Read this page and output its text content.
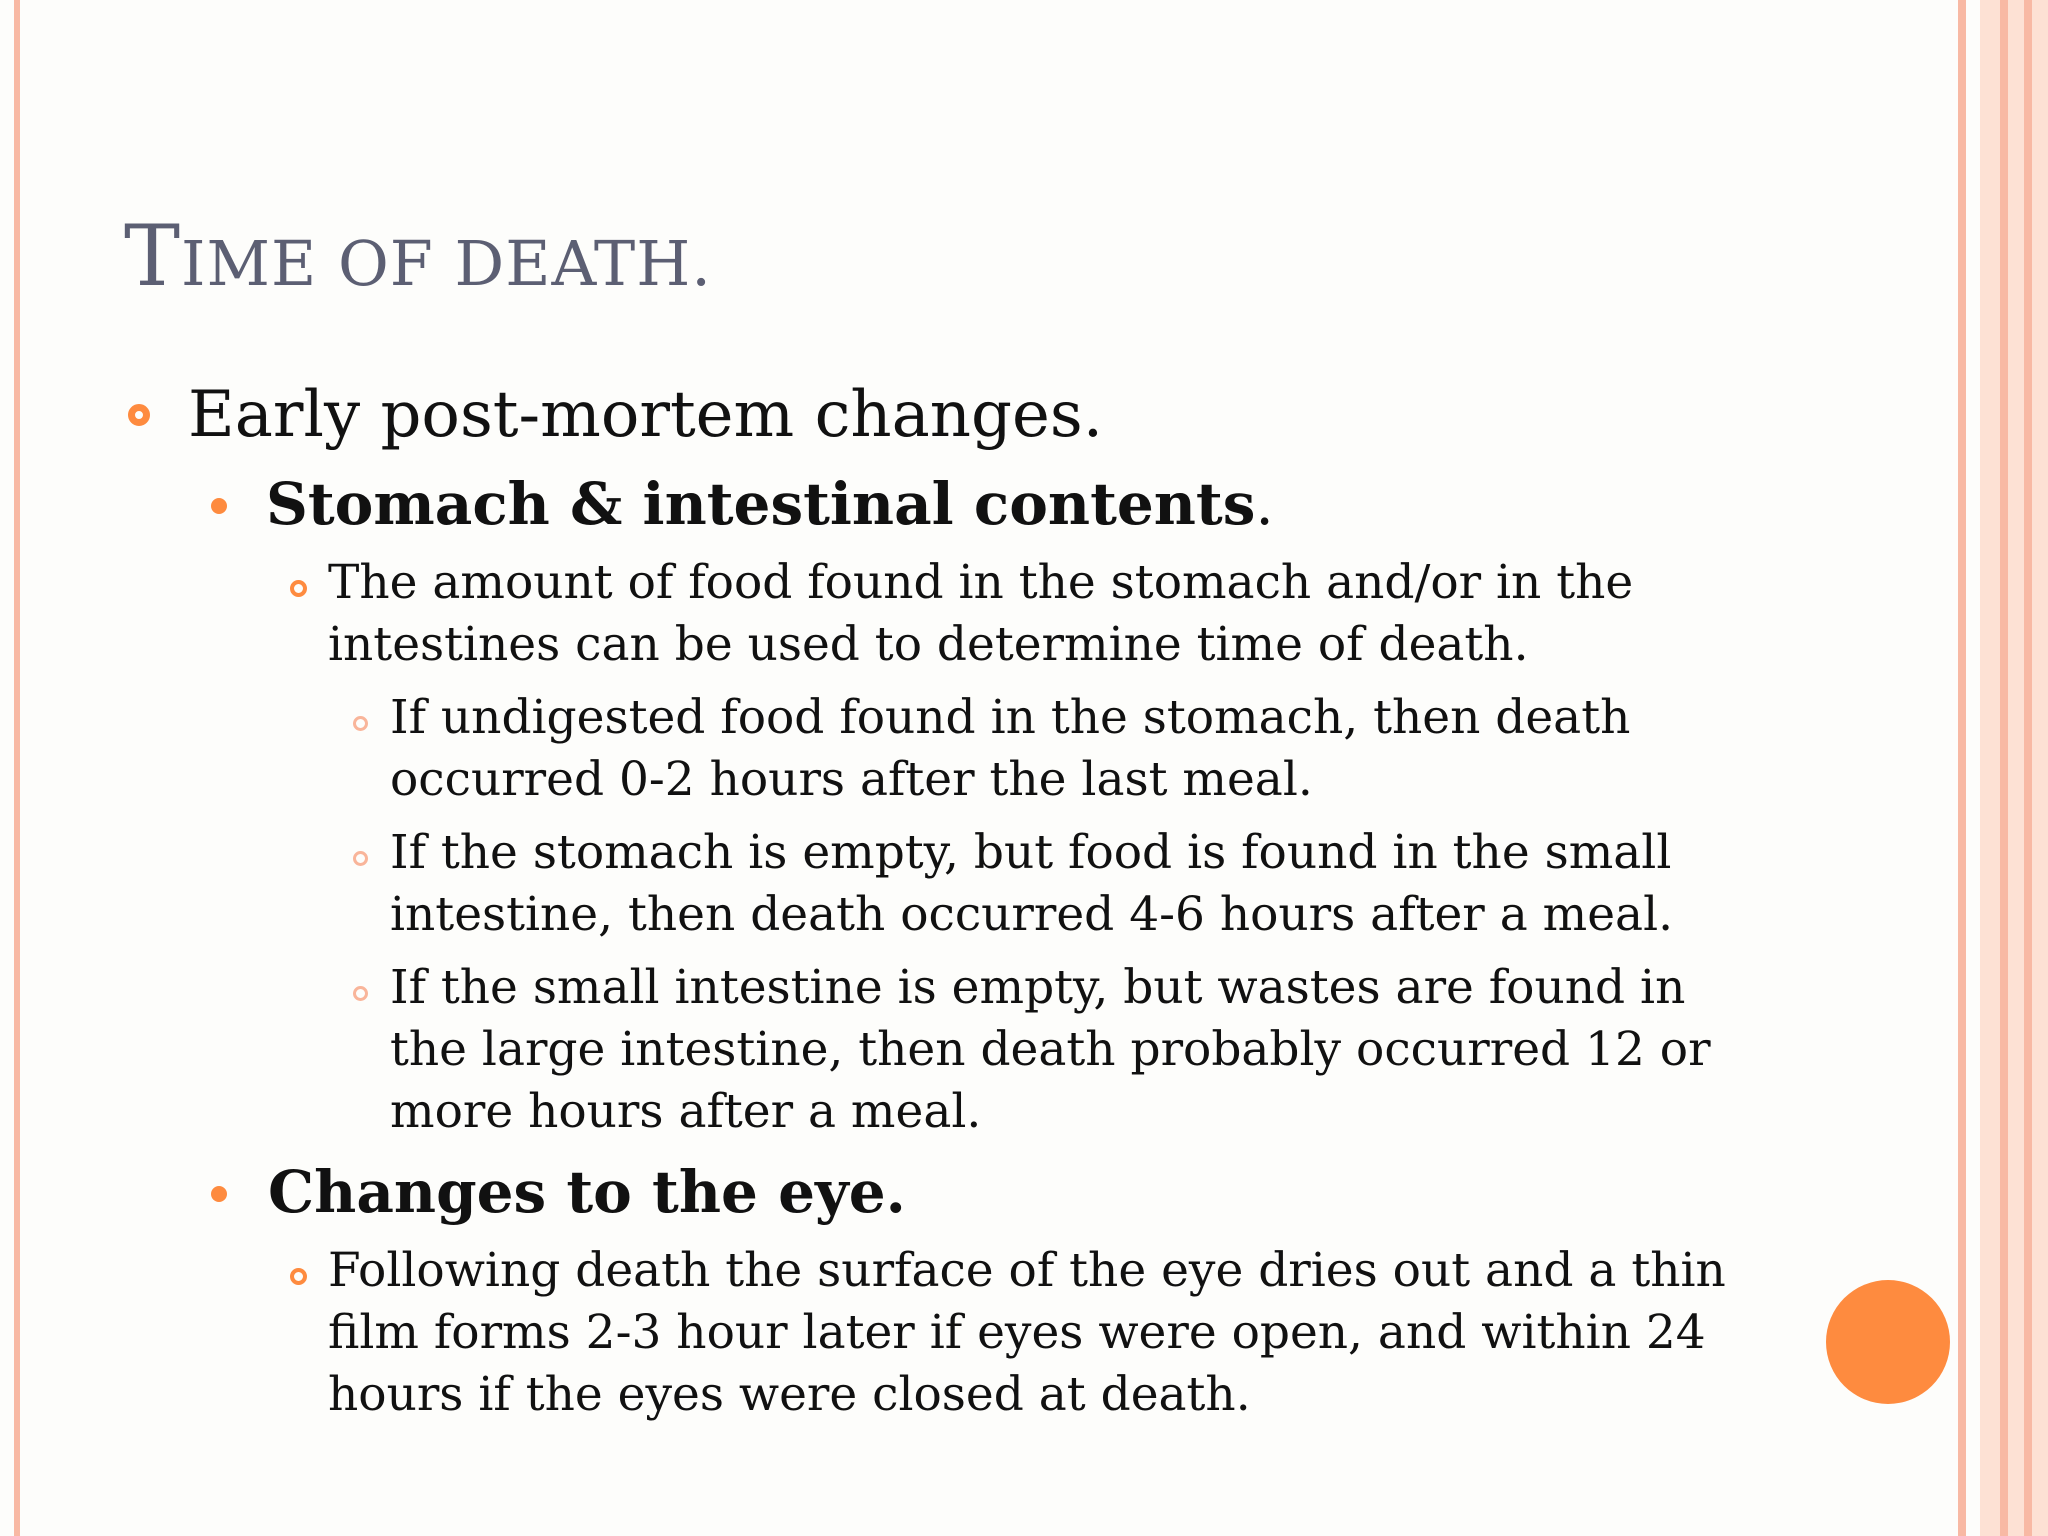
TIME OF DEATH.
Early post-mortem changes.
Stomach & intestinal contents.
The amount of food found in the stomach and/or in the
intestines can be used to determine time of death.
If undigested food found in the stomach, then death
occurred 0-2 hours after the last meal.
If the stomach is empty, but food is found in the small
intestine, then death occurred 4-6 hours after a meal.
If the small intestine is empty, but wastes are found in
the large intestine, then death probably occurred 12 or
more hours after a meal.
Changes to the eye.
Following death the surface of the eye dries out and a thin
film forms 2-3 hour later if eyes were open, and within 24
hours if the eyes were closed at death.
